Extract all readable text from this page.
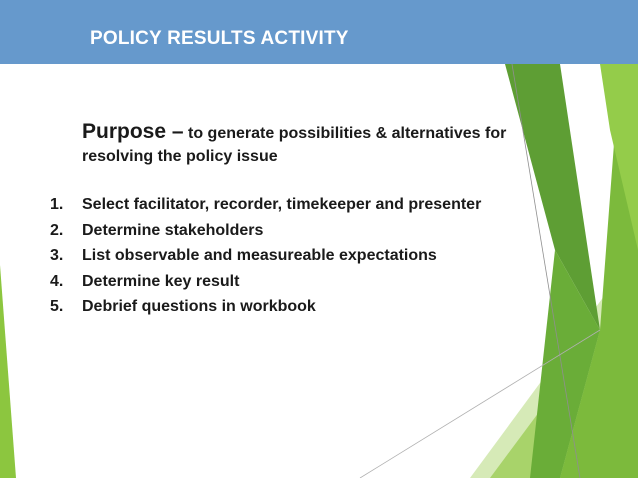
POLICY RESULTS ACTIVITY
Purpose – to generate possibilities & alternatives for
resolving the policy issue
1. Select facilitator, recorder, timekeeper and presenter
2. Determine stakeholders
3. List observable and measureable expectations
4. Determine key result
5. Debrief questions in workbook
